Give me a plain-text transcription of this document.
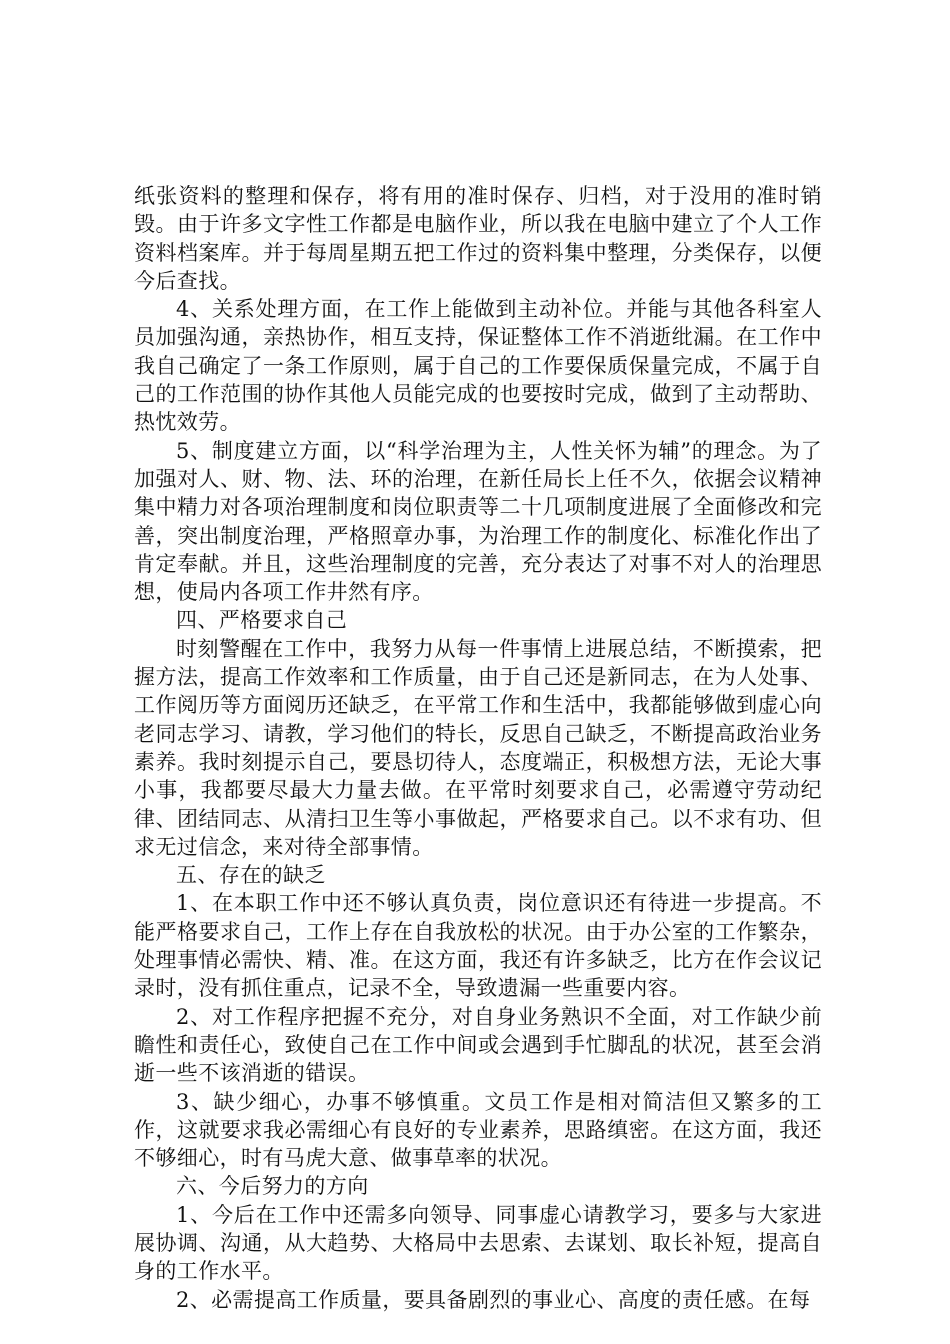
纸张资料的整理和保存，将有用的准时保存、归档，对于没用的准时销毁。由于许多文字性工作都是电脑作业，所以我在电脑中建立了个人工作资料档案库。并于每周星期五把工作过的资料集中整理，分类保存，以便今后查找。

4、关系处理方面，在工作上能做到主动补位。并能与其他各科室人员加强沟通，亲热协作，相互支持，保证整体工作不消逝纰漏。在工作中我自己确定了一条工作原则，属于自己的工作要保质保量完成，不属于自己的工作范围的协作其他人员能完成的也要按时完成，做到了主动帮助、热忱效劳。

5、制度建立方面，以“科学治理为主，人性关怀为辅”的理念。为了加强对人、财、物、法、环的治理，在新任局长上任不久，依据会议精神集中精力对各项治理制度和岗位职责等二十几项制度进展了全面修改和完善，突出制度治理，严格照章办事，为治理工作的制度化、标准化作出了肯定奉献。并且，这些治理制度的完善，充分表达了对事不对人的治理思想，使局内各项工作井然有序。

四、严格要求自己

时刻警醒在工作中，我努力从每一件事情上进展总结，不断摸索，把握方法，提高工作效率和工作质量，由于自己还是新同志，在为人处事、工作阅历等方面阅历还缺乏，在平常工作和生活中，我都能够做到虚心向老同志学习、请教，学习他们的特长，反思自己缺乏，不断提高政治业务素养。我时刻提示自己，要恳切待人，态度端正，积极想方法，无论大事小事，我都要尽最大力量去做。在平常时刻要求自己，必需遵守劳动纪律、团结同志、从清扫卫生等小事做起，严格要求自己。以不求有功、但求无过信念，来对待全部事情。

五、存在的缺乏

1、在本职工作中还不够认真负责，岗位意识还有待进一步提高。不能严格要求自己，工作上存在自我放松的状况。由于办公室的工作繁杂，处理事情必需快、精、准。在这方面，我还有许多缺乏，比方在作会议记录时，没有抓住重点，记录不全，导致遗漏一些重要内容。

2、对工作程序把握不充分，对自身业务熟识不全面，对工作缺少前瞻性和责任心，致使自己在工作中间或会遇到手忙脚乱的状况，甚至会消逝一些不该消逝的错误。

3、缺少细心，办事不够慎重。文员工作是相对简洁但又繁多的工作，这就要求我必需细心有良好的专业素养，思路缜密。在这方面，我还不够细心，时有马虎大意、做事草率的状况。

六、今后努力的方向

1、今后在工作中还需多向领导、同事虚心请教学习，要多与大家进展协调、沟通，从大趋势、大格局中去思索、去谋划、取长补短，提高自身的工作水平。

2、必需提高工作质量，要具备剧烈的事业心、高度的责任感。在每
